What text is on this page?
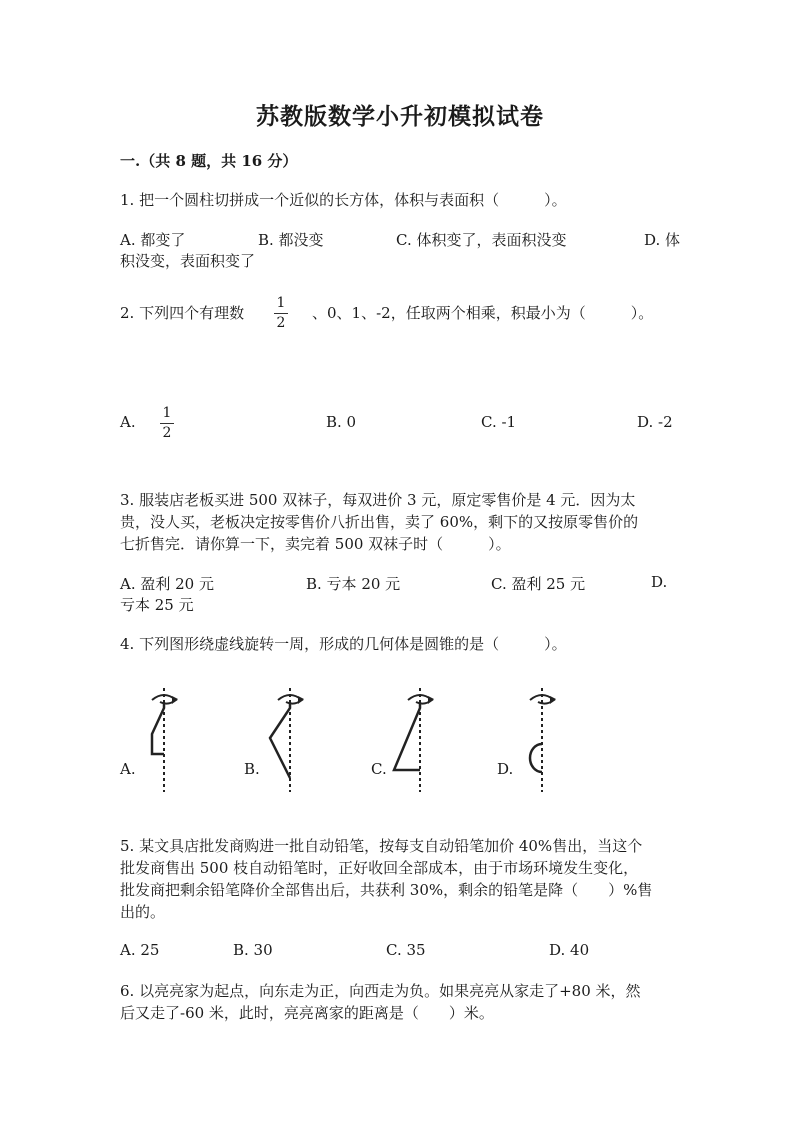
苏教版数学小升初模拟试卷
一.（共 8 题，共 16 分）
1. 把一个圆柱切拼成一个近似的长方体，体积与表面积（　　　）。
A. 都变了	B. 都没变	C. 体积变了，表面积没变	D. 体
积没变，表面积变了
2. 下列四个有理数
1
2
、0、1、-2，任取两个相乘，积最小为（　　　）。
A. 1
2
B. 0	C. -1	D. -2
3. 服装店老板买进 500 双袜子，每双进价 3 元，原定零售价是 4 元．因为太
贵，没人买，老板决定按零售价八折出售，卖了 60%，剩下的又按原零售价的
七折售完．请你算一下，卖完着 500 双袜子时（　　　）。
A. 盈利 20 元	B. 亏本 20 元	C. 盈利 25 元	D.
亏本 25 元
4. 下列图形绕虚线旋转一周，形成的几何体是圆锥的是（　　　）。
A.	B.	C.	D.
5. 某文具店批发商购进一批自动铅笔，按每支自动铅笔加价 40%售出，当这个
批发商售出 500 枝自动铅笔时，正好收回全部成本，由于市场环境发生变化，
批发商把剩余铅笔降价全部售出后，共获利 30%，剩余的铅笔是降（　　）%售
出的。
A. 25	B. 30	C. 35	D. 40
6. 以亮亮家为起点，向东走为正，向西走为负。如果亮亮从家走了+80 米，然
后又走了-60 米，此时，亮亮离家的距离是（　　）米。
